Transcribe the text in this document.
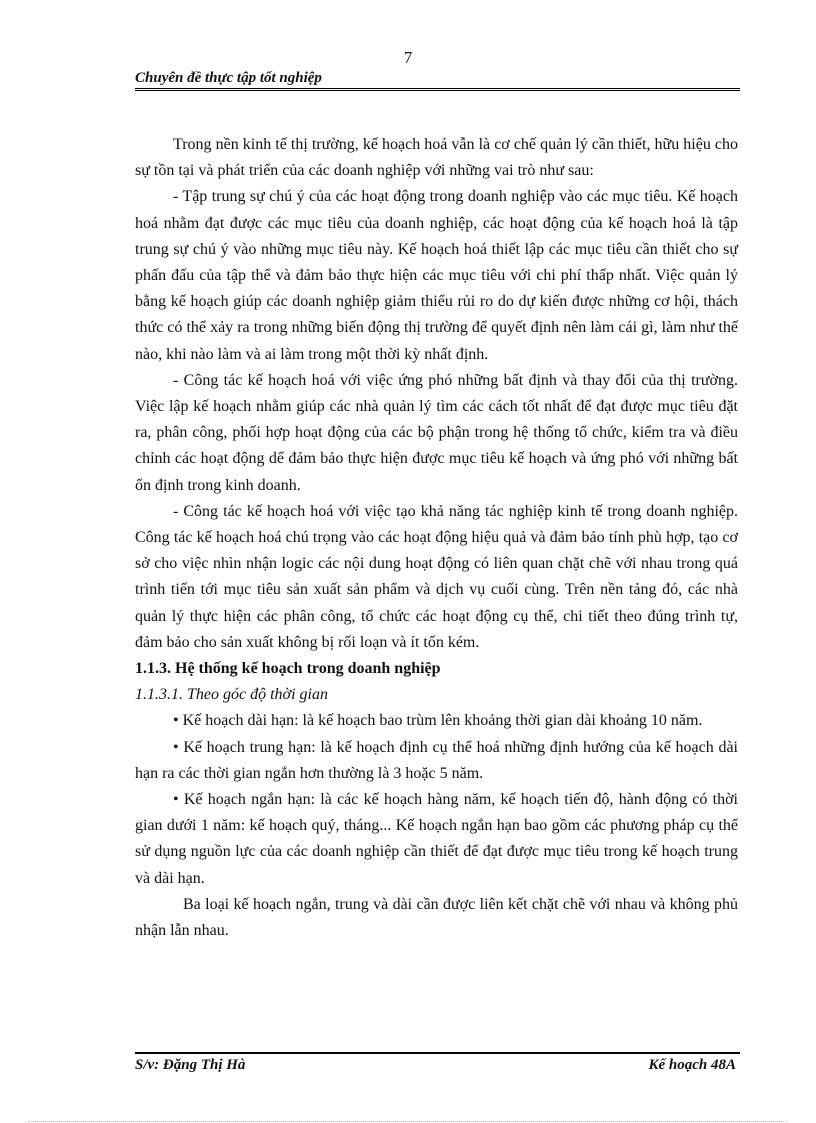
7
Chuyên đề thực tập tốt nghiệp

Trong nền kinh tế thị trường, kế hoạch hoá vẫn là cơ chế quản lý cần thiết, hữu hiệu cho sự tồn tại và phát triển của các doanh nghiệp với những vai trò như sau:

- Tập trung sự chú ý của các hoạt động trong doanh nghiệp vào các mục tiêu. Kế hoạch hoá nhằm đạt được các mục tiêu của doanh nghiệp, các hoạt động của kế hoạch hoá là tập trung sự chú ý vào những mục tiêu này. Kế hoạch hoá thiết lập các mục tiêu cần thiết cho sự phấn đấu của tập thể và đảm bảo thực hiện các mục tiêu với chi phí thấp nhất. Việc quản lý bằng kế hoạch giúp các doanh nghiệp giảm thiểu rủi ro do dự kiến được những cơ hội, thách thức có thể xảy ra trong những biến động thị trường để quyết định nên làm cái gì, làm như thế nào, khi nào làm và ai làm trong một thời kỳ nhất định.

- Công tác kế hoạch hoá với việc ứng phó những bất định và thay đổi của thị trường. Việc lập kế hoạch nhằm giúp các nhà quản lý tìm các cách tốt nhất để đạt được mục tiêu đặt ra, phân công, phối hợp hoạt động của các bộ phận trong hệ thống tổ chức, kiểm tra và điều chỉnh các hoạt động dể đảm bảo thực hiện được mục tiêu kế hoạch và ứng phó với những bất ổn định trong kinh doanh.

- Công tác kế hoạch hoá với việc tạo khả năng tác nghiệp kinh tế trong doanh nghiệp. Công tác kế hoạch hoá chú trọng vào các hoạt động hiệu quả và đảm bảo tính phù hợp, tạo cơ sở cho việc nhìn nhận logic các nội dung hoạt động có liên quan chặt chẽ với nhau trong quá trình tiến tới mục tiêu sản xuất sản phẩm và dịch vụ cuối cùng. Trên nền tảng đó, các nhà quản lý thực hiện các phân công, tổ chức các hoạt động cụ thể, chi tiết theo đúng trình tự, đảm bảo cho sản xuất không bị rối loạn và ít tốn kém.

1.1.3. Hệ thống kế hoạch trong doanh nghiệp

1.1.3.1. Theo góc độ thời gian

• Kế hoạch dài hạn: là kế hoạch bao trùm lên khoảng thời gian dài khoảng 10 năm.

• Kế hoạch trung hạn: là kế hoạch định cụ thể hoá những định hướng của kế hoạch dài hạn ra các thời gian ngắn hơn thường là 3 hoặc 5 năm.

• Kế hoạch ngắn hạn: là các kế hoạch hàng năm, kế hoạch tiến độ, hành động có thời gian dưới 1 năm: kế hoạch quý, tháng... Kế hoạch ngắn hạn bao gồm các phương pháp cụ thể sử dụng nguồn lực của các doanh nghiệp cần thiết để đạt được mục tiêu trong kế hoạch trung và dài hạn.

Ba loại kế hoạch ngắn, trung và dài cần được liên kết chặt chẽ với nhau và không phủ nhận lẫn nhau.

S/v: Đặng Thị Hà	Kế hoạch 48A
